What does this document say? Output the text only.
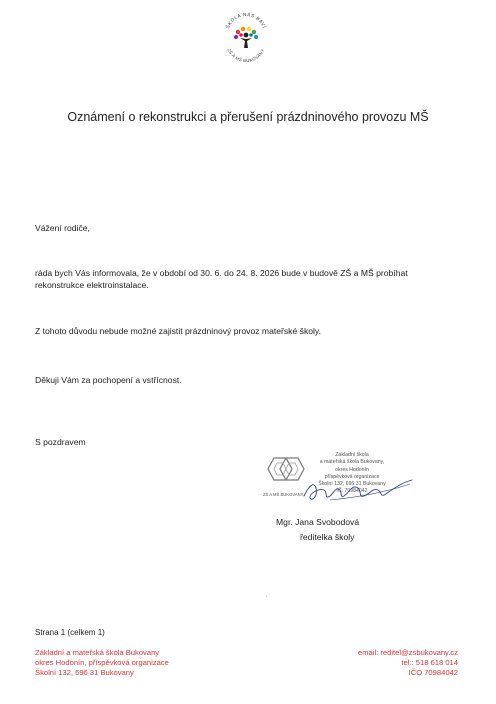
ŠKOLA NÁS BAVÍ
ZŠ A MŠ BUKOVANY
Oznámení o rekonstrukci a přerušení prázdninového provozu MŠ
Vážení rodiče,
ráda bych Vás informovala, že v období od 30. 6. do 24. 8. 2026 bude v budově ZŠ a MŠ probíhat
rekonstrukce elektroinstalace.
Z tohoto důvodu nebude možné zajistit prázdninový provoz mateřské školy.
Děkuji Vám za pochopení a vstřícnost.
S pozdravem
ZŠ A MŠ BUKOVANY
Základní škola
a mateřská škola Bukovany,
okres Hodonín
příspěvková organizace
Školní 132, 696 31 Bukovany
IČ: 70984042
Mgr. Jana Svobodová
ředitelka školy
Strana 1 (celkem 1)
Základní a mateřská škola Bukovany
okres Hodonín, příspěvková organizace
Školní 132, 696 31 Bukovany
email: reditel@zsbukovany.cz
tel.: 518 618 014
IČO 70984042
